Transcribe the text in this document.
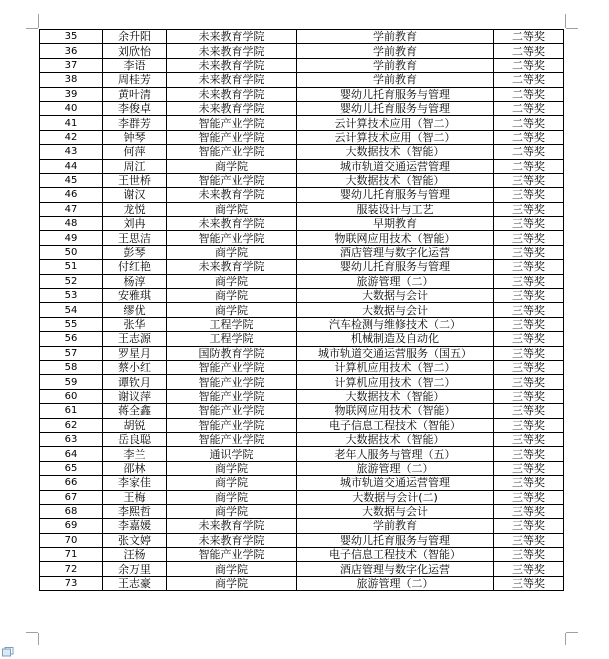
35	余升阳	未来教育学院	学前教育	二等奖
36	刘欣怡	未来教育学院	学前教育	二等奖
37	李语	未来教育学院	学前教育	二等奖
38	周桂芳	未来教育学院	学前教育	二等奖
39	黄叶清	未来教育学院	婴幼儿托育服务与管理	二等奖
40	李俊卓	未来教育学院	婴幼儿托育服务与管理	二等奖
41	李群芳	智能产业学院	云计算技术应用（智二）	二等奖
42	钟琴	智能产业学院	云计算技术应用（智二）	二等奖
43	何萍	智能产业学院	大数据技术（智能）	二等奖
44	周江	商学院	城市轨道交通运营管理	二等奖
45	王世桥	智能产业学院	大数据技术（智能）	三等奖
46	谢汉	未来教育学院	婴幼儿托育服务与管理	三等奖
47	龙悦	商学院	服装设计与工艺	三等奖
48	刘冉	未来教育学院	早期教育	三等奖
49	王思洁	智能产业学院	物联网应用技术（智能）	三等奖
50	彭琴	商学院	酒店管理与数字化运营	三等奖
51	付红艳	未来教育学院	婴幼儿托育服务与管理	三等奖
52	杨淳	商学院	旅游管理（二）	三等奖
53	安雅琪	商学院	大数据与会计	三等奖
54	缪优	商学院	大数据与会计	三等奖
55	张华	工程学院	汽车检测与维修技术（二）	三等奖
56	王志源	工程学院	机械制造及自动化	三等奖
57	罗星月	国防教育学院	城市轨道交通运营服务（国五）	三等奖
58	蔡小红	智能产业学院	计算机应用技术（智二）	三等奖
59	谭钦月	智能产业学院	计算机应用技术（智二）	三等奖
60	谢议萍	智能产业学院	大数据技术（智能）	三等奖
61	蒋全鑫	智能产业学院	物联网应用技术（智能）	三等奖
62	胡锐	智能产业学院	电子信息工程技术（智能）	三等奖
63	岳良聪	智能产业学院	大数据技术（智能）	三等奖
64	李兰	通识学院	老年人服务与管理（五）	三等奖
65	邵林	商学院	旅游管理（二）	三等奖
66	李家佳	商学院	城市轨道交通运营管理	三等奖
67	王梅	商学院	大数据与会计(二)	三等奖
68	李熙哲	商学院	大数据与会计	三等奖
69	李嘉媛	未来教育学院	学前教育	三等奖
70	张文婷	未来教育学院	婴幼儿托育服务与管理	三等奖
71	汪杨	智能产业学院	电子信息工程技术（智能）	三等奖
72	余万里	商学院	酒店管理与数字化运营	三等奖
73	王志豪	商学院	旅游管理（二）	三等奖
